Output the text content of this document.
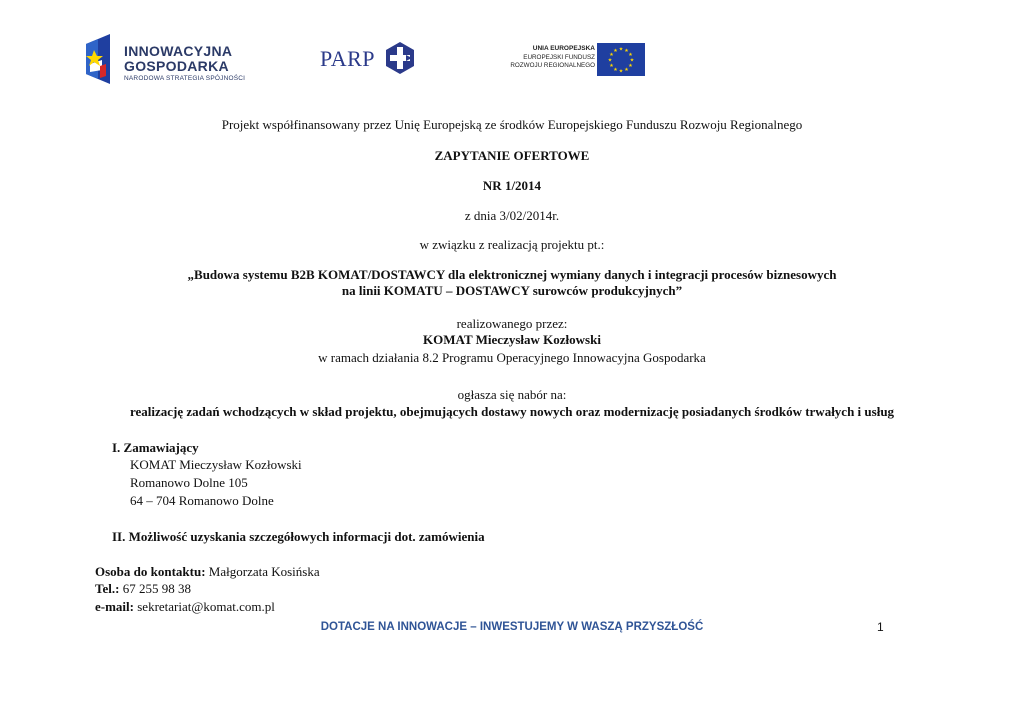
INNOWACYJNA
GOSPODARKA
NARODOWA STRATEGIA SPÓJNOŚCI
PARP	UNIA EUROPEJSKA
EUROPEJSKI FUNDUSZ
ROZWOJU REGIONALNEGO
★ ★
★
★
★
★
★
★
★
★
★
★
Projekt współfinansowany przez Unię Europejską ze środków Europejskiego Funduszu Rozwoju Regionalnego
ZAPYTANIE OFERTOWE
NR 1/2014
z dnia 3/02/2014r.
w związku z realizacją projektu pt.:
„Budowa systemu B2B KOMAT/DOSTAWCY dla elektronicznej wymiany danych i integracji procesów biznesowych
na linii KOMATU – DOSTAWCY surowców produkcyjnych”
realizowanego przez:
KOMAT Mieczysław Kozłowski
w ramach działania 8.2 Programu Operacyjnego Innowacyjna Gospodarka
ogłasza się nabór na:
realizację zadań wchodzących w skład projektu, obejmujących dostawy nowych oraz modernizację posiadanych środków trwałych i usług
I. Zamawiający
KOMAT Mieczysław Kozłowski
Romanowo Dolne 105
64 – 704 Romanowo Dolne
II. Możliwość uzyskania szczegółowych informacji dot. zamówienia
Osoba do kontaktu: Małgorzata Kosińska
Tel.: 67 255 98 38
e-mail: sekretariat@komat.com.pl
DOTACJE NA INNOWACJE – INWESTUJEMY W WASZĄ PRZYSZŁOŚĆ	1
